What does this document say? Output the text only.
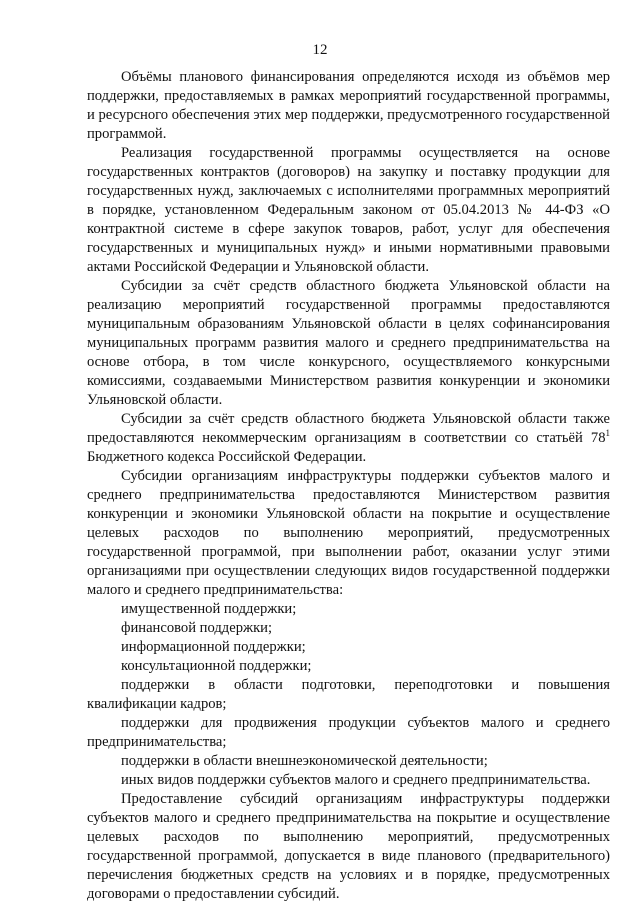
12

Объёмы планового финансирования определяются исходя из объёмов мер поддержки, предоставляемых в рамках мероприятий государственной программы, и ресурсного обеспечения этих мер поддержки, предусмотренного государственной программой.

Реализация государственной программы осуществляется на основе государственных контрактов (договоров) на закупку и поставку продукции для государственных нужд, заключаемых с исполнителями программных мероприятий в порядке, установленном Федеральным законом от 05.04.2013 № 44-ФЗ «О контрактной системе в сфере закупок товаров, работ, услуг для обеспечения государственных и муниципальных нужд» и иными нормативными правовыми актами Российской Федерации и Ульяновской области.

Субсидии за счёт средств областного бюджета Ульяновской области на реализацию мероприятий государственной программы предоставляются муниципальным образованиям Ульяновской области в целях софинансирования муниципальных программ развития малого и среднего предпринимательства на основе отбора, в том числе конкурсного, осуществляемого конкурсными комиссиями, создаваемыми Министерством развития конкуренции и экономики Ульяновской области.

Субсидии за счёт средств областного бюджета Ульяновской области также предоставляются некоммерческим организациям в соответствии со статьёй $78^1$ Бюджетного кодекса Российской Федерации.

Субсидии организациям инфраструктуры поддержки субъектов малого и среднего предпринимательства предоставляются Министерством развития конкуренции и экономики Ульяновской области на покрытие и осуществление целевых расходов по выполнению мероприятий, предусмотренных государственной программой, при выполнении работ, оказании услуг этими организациями при осуществлении следующих видов государственной поддержки малого и среднего предпринимательства:

имущественной поддержки;

финансовой поддержки;

информационной поддержки;

консультационной поддержки;

поддержки в области подготовки, переподготовки и повышения квалификации кадров;

поддержки для продвижения продукции субъектов малого и среднего предпринимательства;

поддержки в области внешнеэкономической деятельности;

иных видов поддержки субъектов малого и среднего предпринимательства.

Предоставление субсидий организациям инфраструктуры поддержки субъектов малого и среднего предпринимательства на покрытие и осуществление целевых расходов по выполнению мероприятий, предусмотренных государственной программой, допускается в виде планового (предварительного) перечисления бюджетных средств на условиях и в порядке, предусмотренных договорами о предоставлении субсидий.
